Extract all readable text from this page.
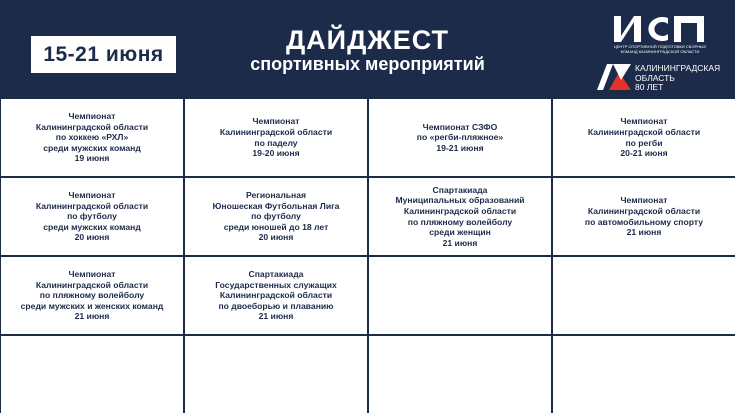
15-21 июня	ДАЙДЖЕСТ
спортивных мероприятий
ЦЕНТР СПОРТИВНОЙ ПОДГОТОВКИ СБОРНЫХ КОМАНД КАЛИНИНГРАДСКОЙ ОБЛАСТИ
КАЛИНИНГРАДСКАЯ
ОБЛАСТЬ
80 ЛЕТ
Чемпионат
Калининградской области
по хоккею «РХЛ»
среди мужских команд
19 июня
Чемпионат
Калининградской области
по паделу
19-20 июня
Чемпионат СЗФО
по «регби-пляжное»
19-21 июня
Чемпионат
Калининградской области
по регби
20-21 июня
Чемпионат
Калининградской области
по футболу
среди мужских команд
20 июня
Региональная
Юношеская Футбольная Лига
по футболу
среди юношей до 18 лет
20 июня
Спартакиада
Муниципальных образований
Калининградской области
по пляжному волейболу
среди женщин
21 июня
Чемпионат
Калининградской области
по автомобильному спорту
21 июня
Чемпионат
Калининградской области
по пляжному волейболу
среди мужских и женских команд
21 июня
Спартакиада
Государственных служащих
Калининградской области
по двоеборью и плаванию
21 июня
